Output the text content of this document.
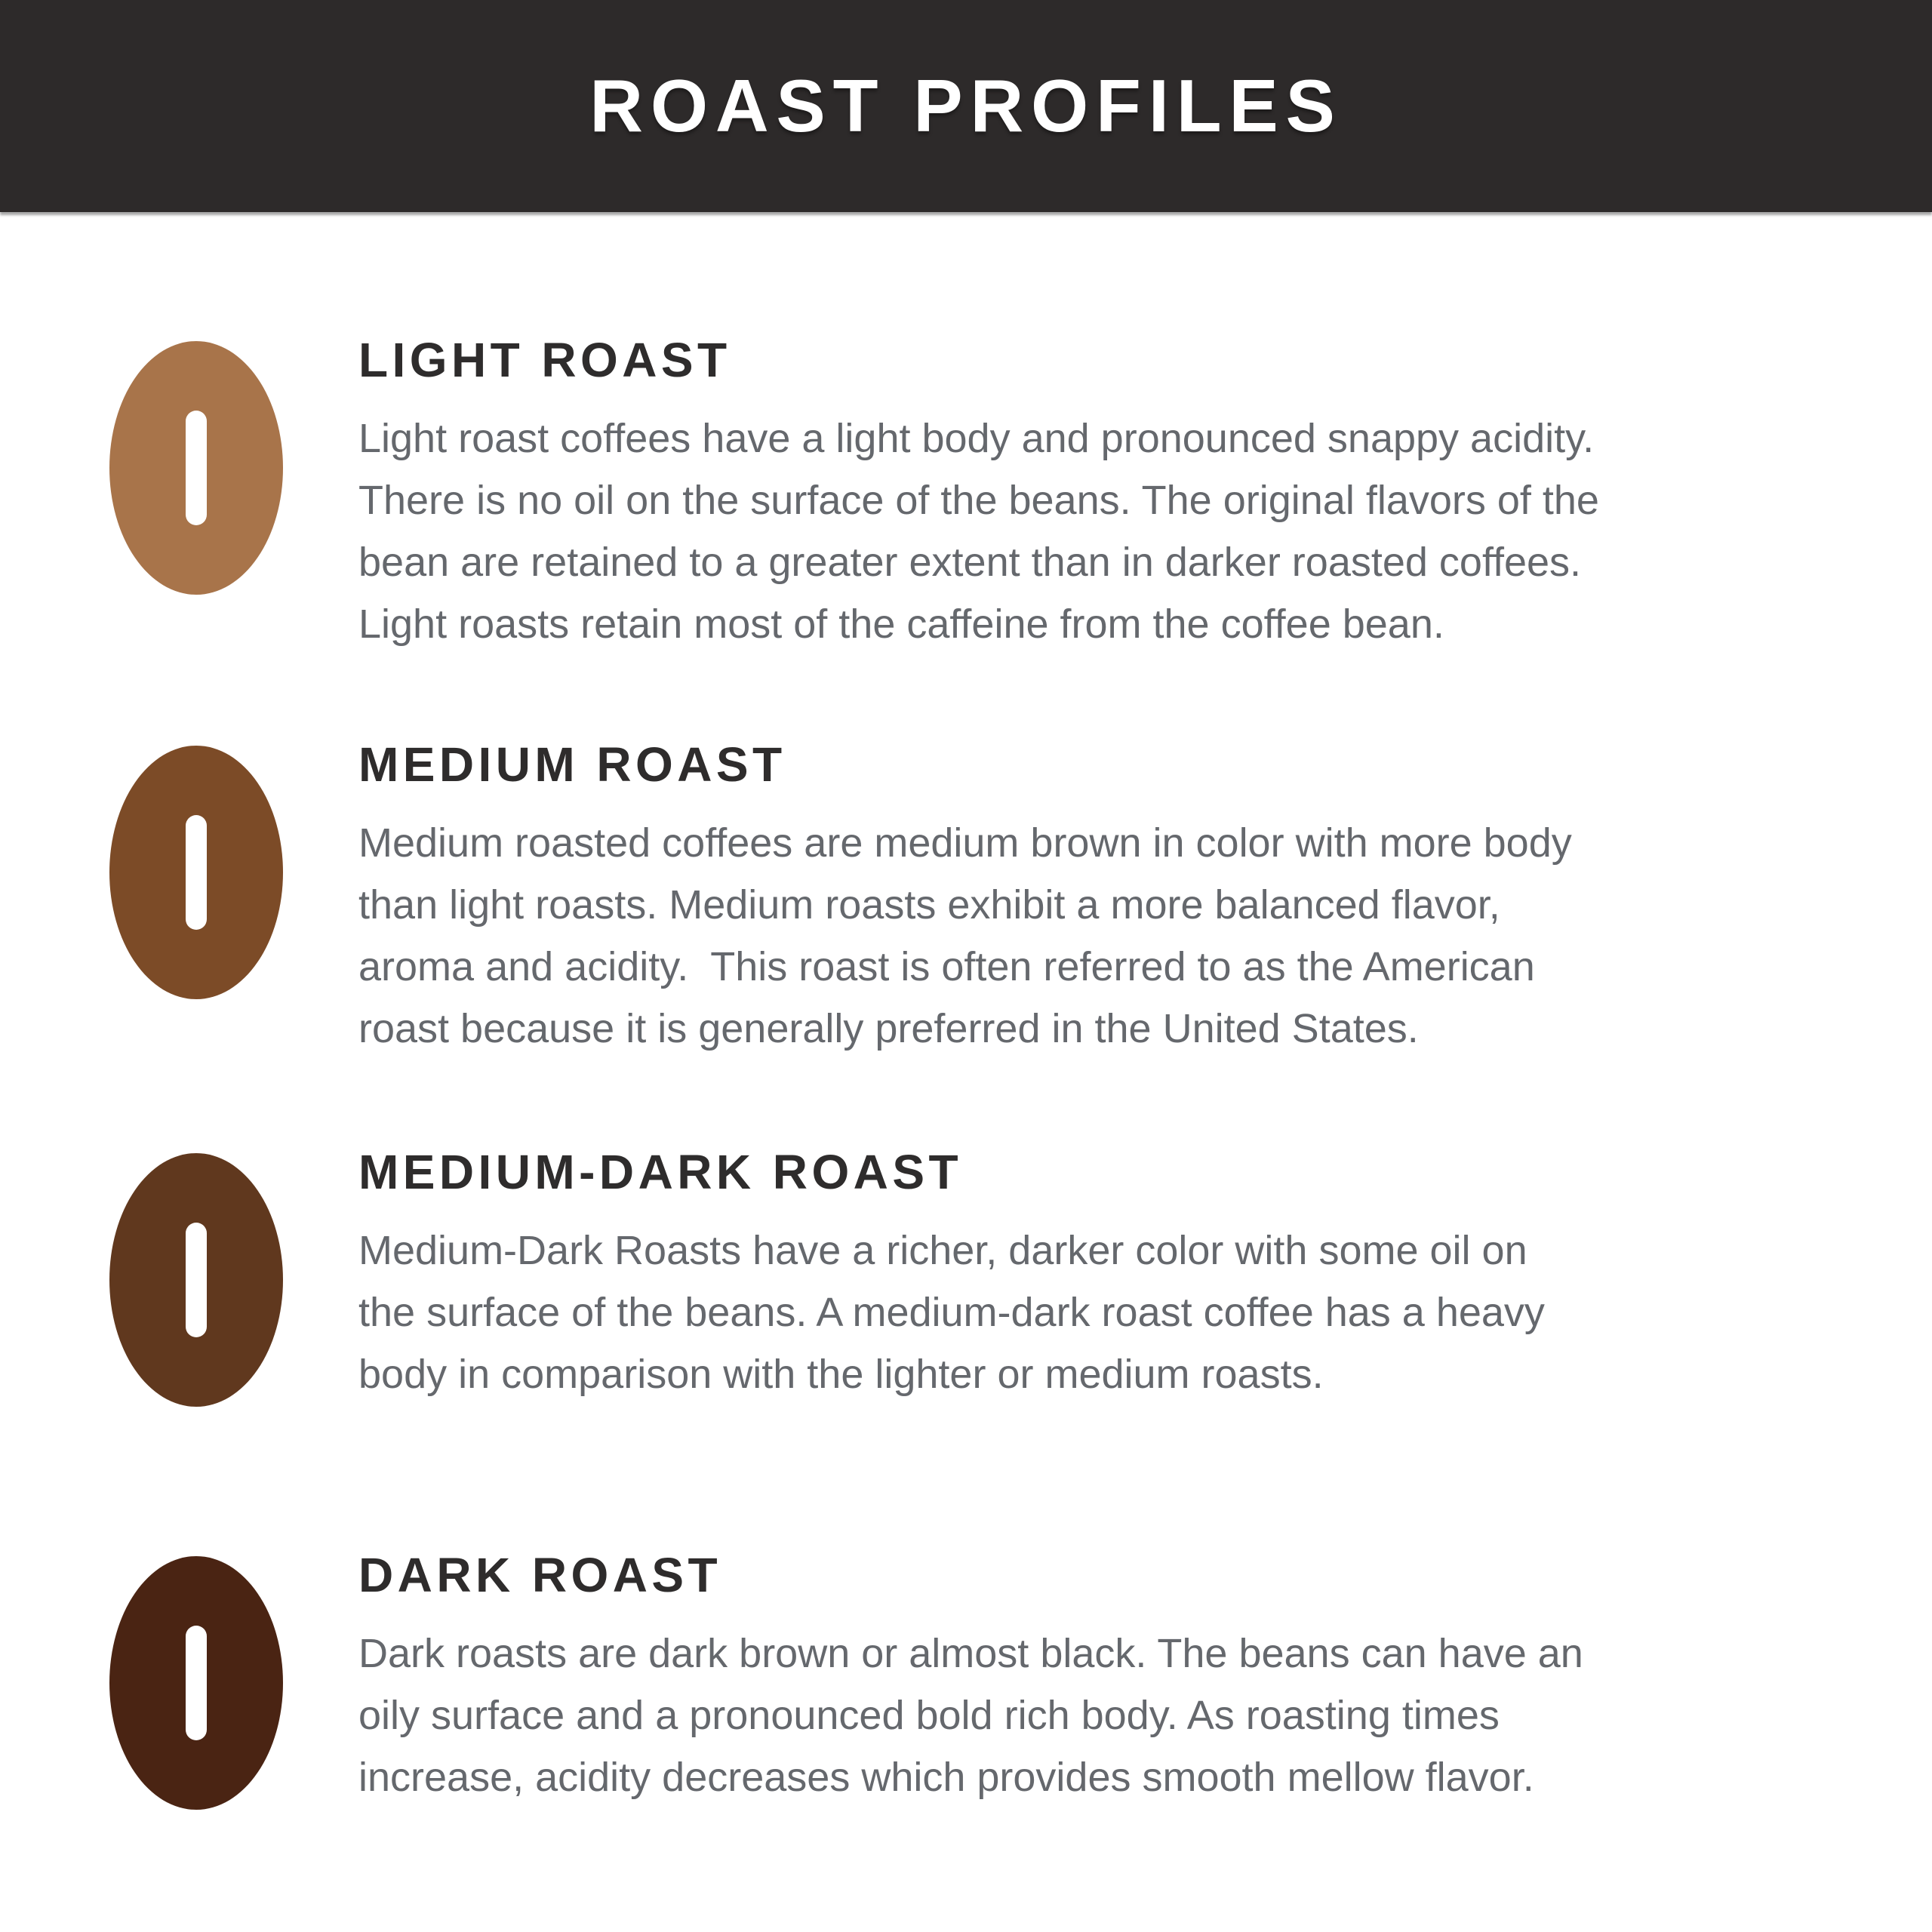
ROAST PROFILES
LIGHT ROAST

Light roast coffees have a light body and pronounced snappy acidity.

There is no oil on the surface of the beans. The original flavors of the

bean are retained to a greater extent than in darker roasted coffees.

Light roasts retain most of the caffeine from the coffee bean.

MEDIUM ROAST

Medium roasted coffees are medium brown in color with more body

than light roasts. Medium roasts exhibit a more balanced flavor,

aroma and acidity.  This roast is often referred to as the American

roast because it is generally preferred in the United States.

MEDIUM-DARK ROAST

Medium-Dark Roasts have a richer, darker color with some oil on

the surface of the beans. A medium-dark roast coffee has a heavy

body in comparison with the lighter or medium roasts.

DARK ROAST

Dark roasts are dark brown or almost black. The beans can have an

oily surface and a pronounced bold rich body. As roasting times

increase, acidity decreases which provides smooth mellow flavor.
